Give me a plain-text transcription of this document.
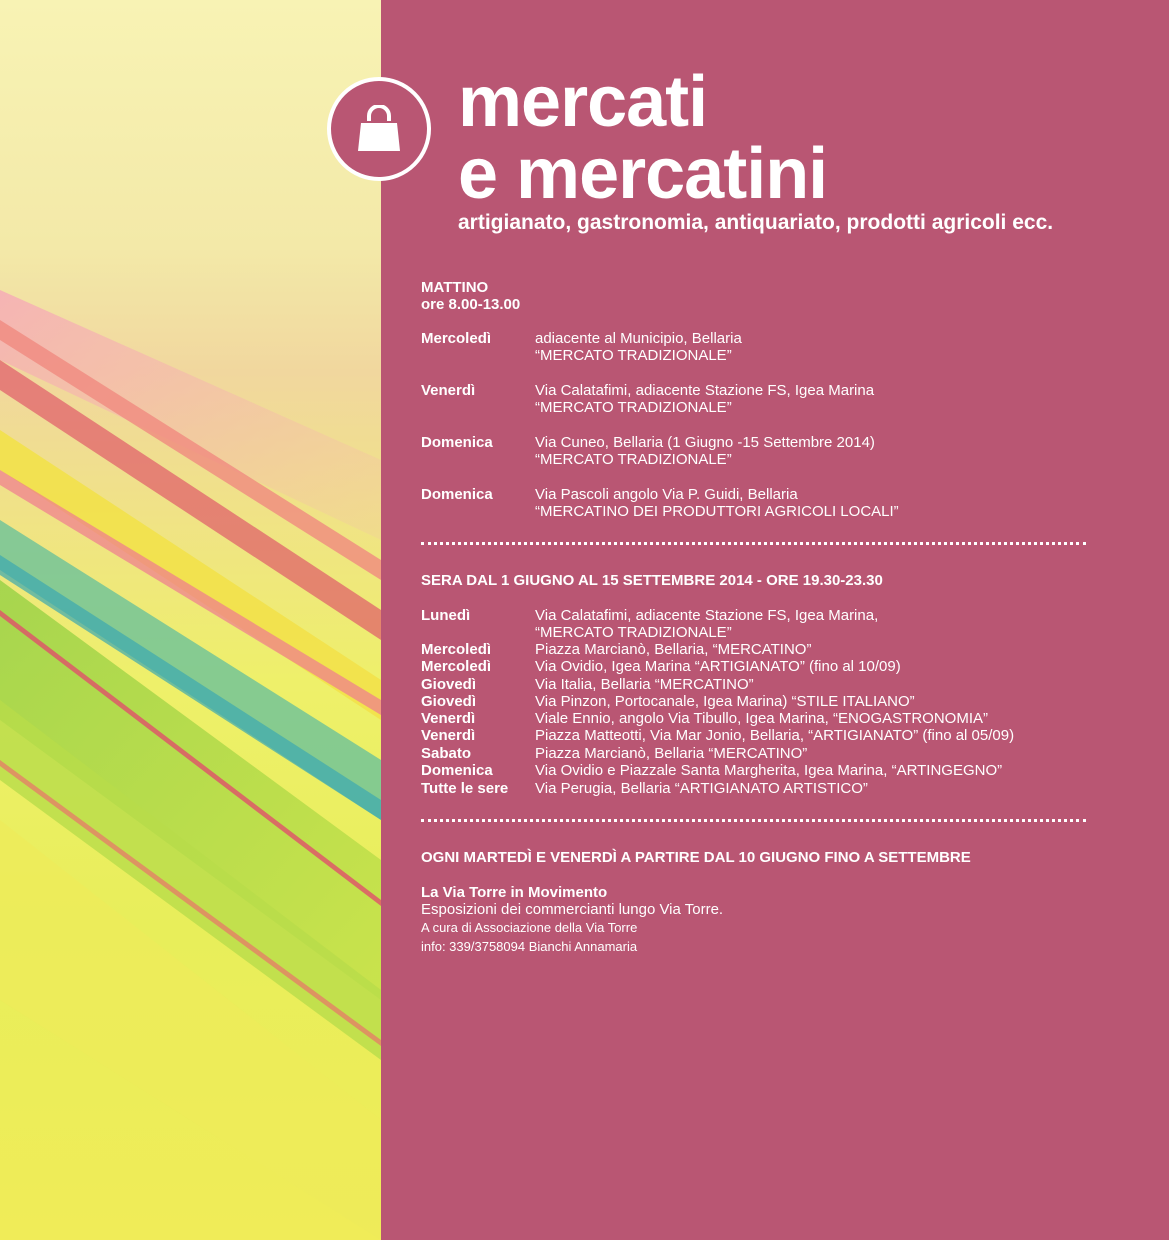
mercati
e mercatini
artigianato, gastronomia, antiquariato, prodotti agricoli ecc.
MATTINO
ore 8.00-13.00
Mercoledì	adiacente al Municipio, Bellaria
“MERCATO TRADIZIONALE”
Venerdì	Via Calatafimi, adiacente Stazione FS, Igea Marina
“MERCATO TRADIZIONALE”
Domenica	Via Cuneo, Bellaria (1 Giugno -15 Settembre 2014)
“MERCATO TRADIZIONALE”
Domenica	Via Pascoli angolo Via P. Guidi, Bellaria
“MERCATINO DEI PRODUTTORI AGRICOLI LOCALI”
SERA DAL 1 GIUGNO AL 15 SETTEMBRE 2014 - ORE 19.30-23.30
Lunedì	Via Calatafimi, adiacente Stazione FS, Igea Marina,
“MERCATO TRADIZIONALE”
Mercoledì	Piazza Marcianò, Bellaria, “MERCATINO”
Mercoledì	Via Ovidio, Igea Marina “ARTIGIANATO” (fino al 10/09)
Giovedì	Via Italia, Bellaria “MERCATINO”
Giovedì	Via Pinzon, Portocanale, Igea Marina) “STILE ITALIANO”
Venerdì	Viale Ennio, angolo Via Tibullo, Igea Marina, “ENOGASTRONOMIA”
Venerdì	Piazza Matteotti, Via Mar Jonio, Bellaria, “ARTIGIANATO” (fino al 05/09)
Sabato	Piazza Marcianò, Bellaria “MERCATINO”
Domenica	Via Ovidio e Piazzale Santa Margherita, Igea Marina, “ARTINGEGNO”
Tutte le sere Via Perugia, Bellaria “ARTIGIANATO ARTISTICO”
OGNI MARTEDÌ E VENERDÌ A PARTIRE DAL 10 GIUGNO FINO A SETTEMBRE
La Via Torre in Movimento
Esposizioni dei commercianti lungo Via Torre.
A cura di Associazione della Via Torre
info: 339/3758094 Bianchi Annamaria
